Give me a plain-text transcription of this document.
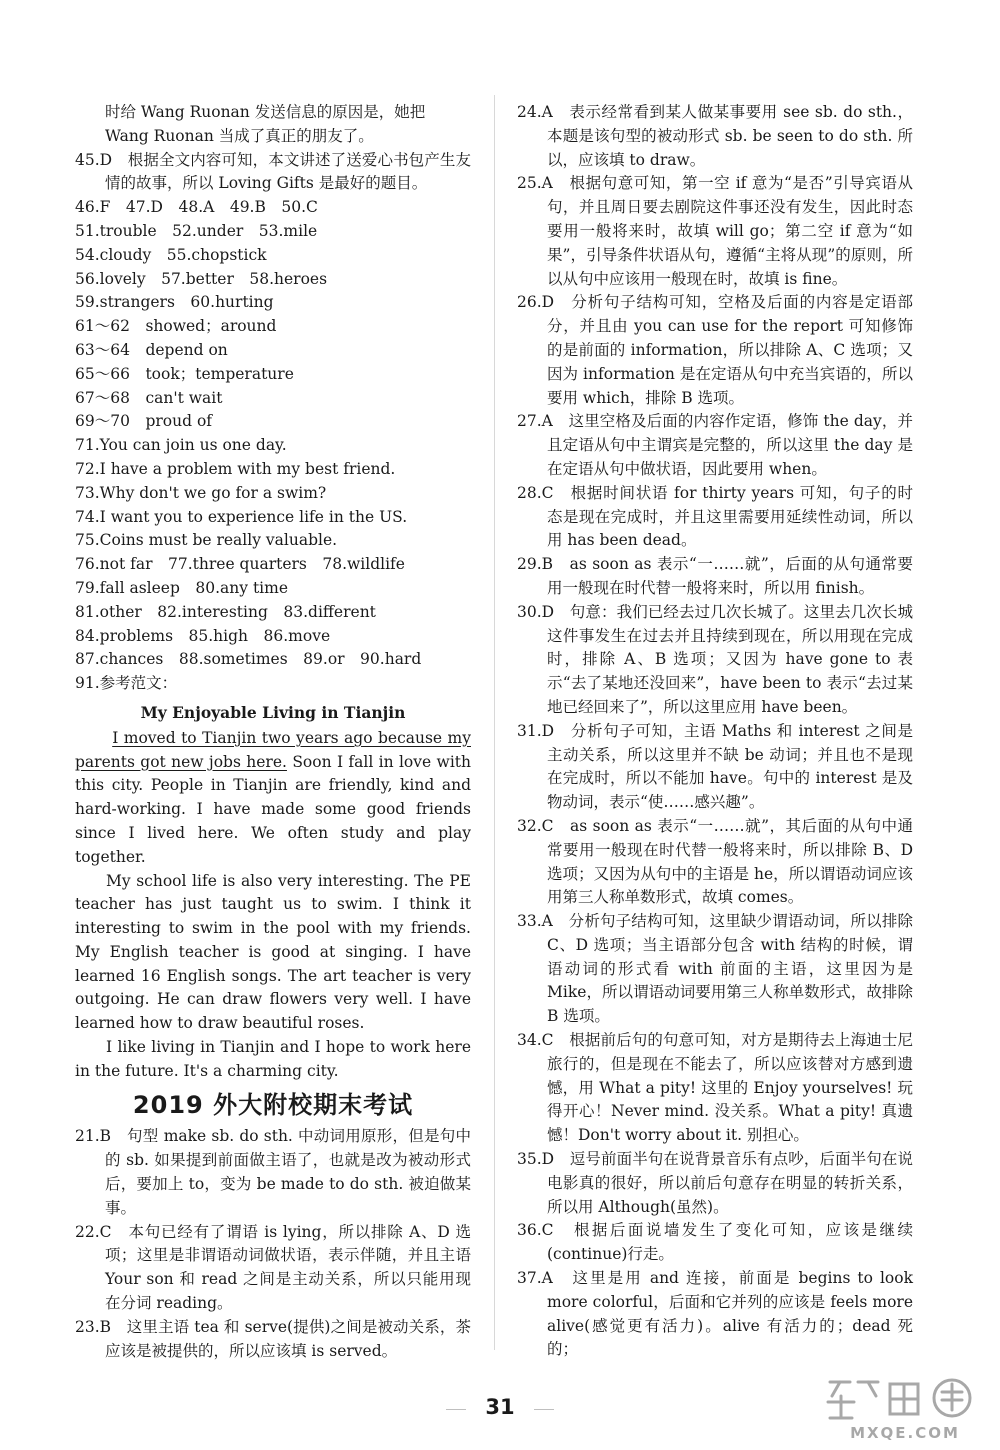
时给 Wang Ruonan 发送信息的原因是，她把

Wang Ruonan 当成了真正的朋友了。

45.D　根据全文内容可知，本文讲述了送爱心书包产生友情的故事，所以 Loving Gifts 是最好的题目。

46.F　47.D　48.A　49.B　50.C

51.trouble　52.under　53.mile

54.cloudy　55.chopstick

56.lovely　57.better　58.heroes

59.strangers　60.hurting

61～62　showed；around

63～64　depend on

65～66　took；temperature

67～68　can't wait

69～70　proud of

71.You can join us one day.

72.I have a problem with my best friend.

73.Why don't we go for a swim?

74.I want you to experience life in the US.

75.Coins must be really valuable.

76.not far　77.three quarters　78.wildlife

79.fall asleep　80.any time

81.other　82.interesting　83.different

84.problems　85.high　86.move

87.chances　88.sometimes　89.or　90.hard

91.参考范文：

My Enjoyable Living in Tianjin

I moved to Tianjin two years ago because my parents got new jobs here. Soon I fall in love with this city. People in Tianjin are friendly, kind and hard-working. I have made some good friends since I lived here. We often study and play together.

My school life is also very interesting. The PE teacher has just taught us to swim. I think it interesting to swim in the pool with my friends. My English teacher is good at singing. I have learned 16 English songs. The art teacher is very outgoing. He can draw flowers very well. I have learned how to draw beautiful roses.

I like living in Tianjin and I hope to work here in the future. It's a charming city.

2019 外大附校期末考试

21.B　句型 make sb. do sth. 中动词用原形，但是句中的 sb. 如果提到前面做主语了，也就是改为被动形式后，要加上 to，变为 be made to do sth. 被迫做某事。

22.C　本句已经有了谓语 is lying，所以排除 A、D 选项；这里是非谓语动词做状语，表示伴随，并且主语 Your son 和 read 之间是主动关系，所以只能用现在分词 reading。

23.B　这里主语 tea 和 serve(提供)之间是被动关系，茶应该是被提供的，所以应该填 is served。

24.A　表示经常看到某人做某事要用 see sb. do sth.，本题是该句型的被动形式 sb. be seen to do sth. 所以，应该填 to draw。

25.A　根据句意可知，第一空 if 意为“是否”引导宾语从句，并且周日要去剧院这件事还没有发生，因此时态要用一般将来时，故填 will go；第二空 if 意为“如果”，引导条件状语从句，遵循“主将从现”的原则，所以从句中应该用一般现在时，故填 is fine。

26.D　分析句子结构可知，空格及后面的内容是定语部分，并且由 you can use for the report 可知修饰的是前面的 information，所以排除 A、C 选项；又因为 information 是在定语从句中充当宾语的，所以要用 which，排除 B 选项。

27.A　这里空格及后面的内容作定语，修饰 the day，并且定语从句中主谓宾是完整的，所以这里 the day 是在定语从句中做状语，因此要用 when。

28.C　根据时间状语 for thirty years 可知，句子的时态是现在完成时，并且这里需要用延续性动词，所以用 has been dead。

29.B　as soon as 表示“一……就”，后面的从句通常要用一般现在时代替一般将来时，所以用 finish。

30.D　句意：我们已经去过几次长城了。这里去几次长城这件事发生在过去并且持续到现在，所以用现在完成时，排除 A、B 选项；又因为 have gone to 表示“去了某地还没回来”，have been to 表示“去过某地已经回来了”，所以这里应用 have been。

31.D　分析句子可知，主语 Maths 和 interest 之间是主动关系，所以这里并不缺 be 动词；并且也不是现在完成时，所以不能加 have。句中的 interest 是及物动词，表示“使……感兴趣”。

32.C　as soon as 表示“一……就”，其后面的从句中通常要用一般现在时代替一般将来时，所以排除 B、D 选项；又因为从句中的主语是 he，所以谓语动词应该用第三人称单数形式，故填 comes。

33.A　分析句子结构可知，这里缺少谓语动词，所以排除 C、D 选项；当主语部分包含 with 结构的时候，谓语动词的形式看 with 前面的主语，这里因为是 Mike，所以谓语动词要用第三人称单数形式，故排除 B 选项。

34.C　根据前后句的句意可知，对方是期待去上海迪士尼旅行的，但是现在不能去了，所以应该替对方感到遗憾，用 What a pity! 这里的 Enjoy yourselves! 玩得开心！Never mind. 没关系。What a pity! 真遗憾！Don't worry about it. 别担心。

35.D　逗号前面半句在说背景音乐有点吵，后面半句在说电影真的很好，所以前后句意存在明显的转折关系，所以用 Although(虽然)。

36.C　根据后面说墙发生了变化可知，应该是继续(continue)行走。

37.A　这里是用 and 连接，前面是 begins to look more colorful，后面和它并列的应该是 feels more alive(感觉更有活力)。alive 有活力的；dead 死的；

31
MXQE.COM
